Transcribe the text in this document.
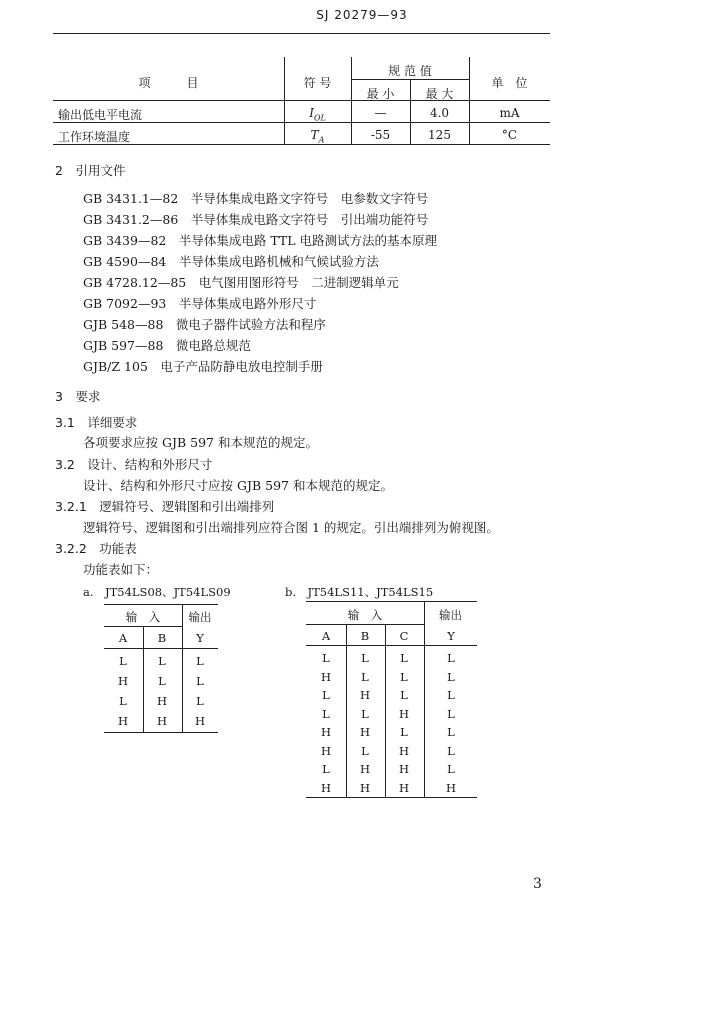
SJ 20279—93
项　　　目	符 号
规 范 值
最 小	最 大
单　位
输出低电平电流	$I_{OL}$	—	4.0	mA
工作环境温度	$T_A$	-55	125	°C
2　引用文件
GB 3431.1—82　半导体集成电路文字符号　电参数文字符号
GB 3431.2—86　半导体集成电路文字符号　引出端功能符号
GB 3439—82　半导体集成电路 TTL 电路测试方法的基本原理
GB 4590—84　半导体集成电路机械和气候试验方法
GB 4728.12—85　电气图用图形符号　二进制逻辑单元
GB 7092—93　半导体集成电路外形尺寸
GJB 548—88　微电子器件试验方法和程序
GJB 597—88　微电路总规范
GJB/Z 105　电子产品防静电放电控制手册
3　要求
3.1　详细要求
各项要求应按 GJB 597 和本规范的规定。
3.2　设计、结构和外形尺寸
设计、结构和外形尺寸应按 GJB 597 和本规范的规定。
3.2.1　逻辑符号、逻辑图和引出端排列
逻辑符号、逻辑图和引出端排列应符合图 1 的规定。引出端排列为俯视图。
3.2.2　功能表
功能表如下：
a.　JT54LS08、JT54LS09
输　入	输出
A	B	Y
L	L	L
H	L	L
L	H	L
H	H	H
b.　JT54LS11、JT54LS15
输　入	输出
A	B	C	Y
L	L	L	L
H	L	L	L
L	H	L	L
L	L	H	L
H	H	L	L
H	L	H	L
L	H	H	L
H	H	H	H
3
